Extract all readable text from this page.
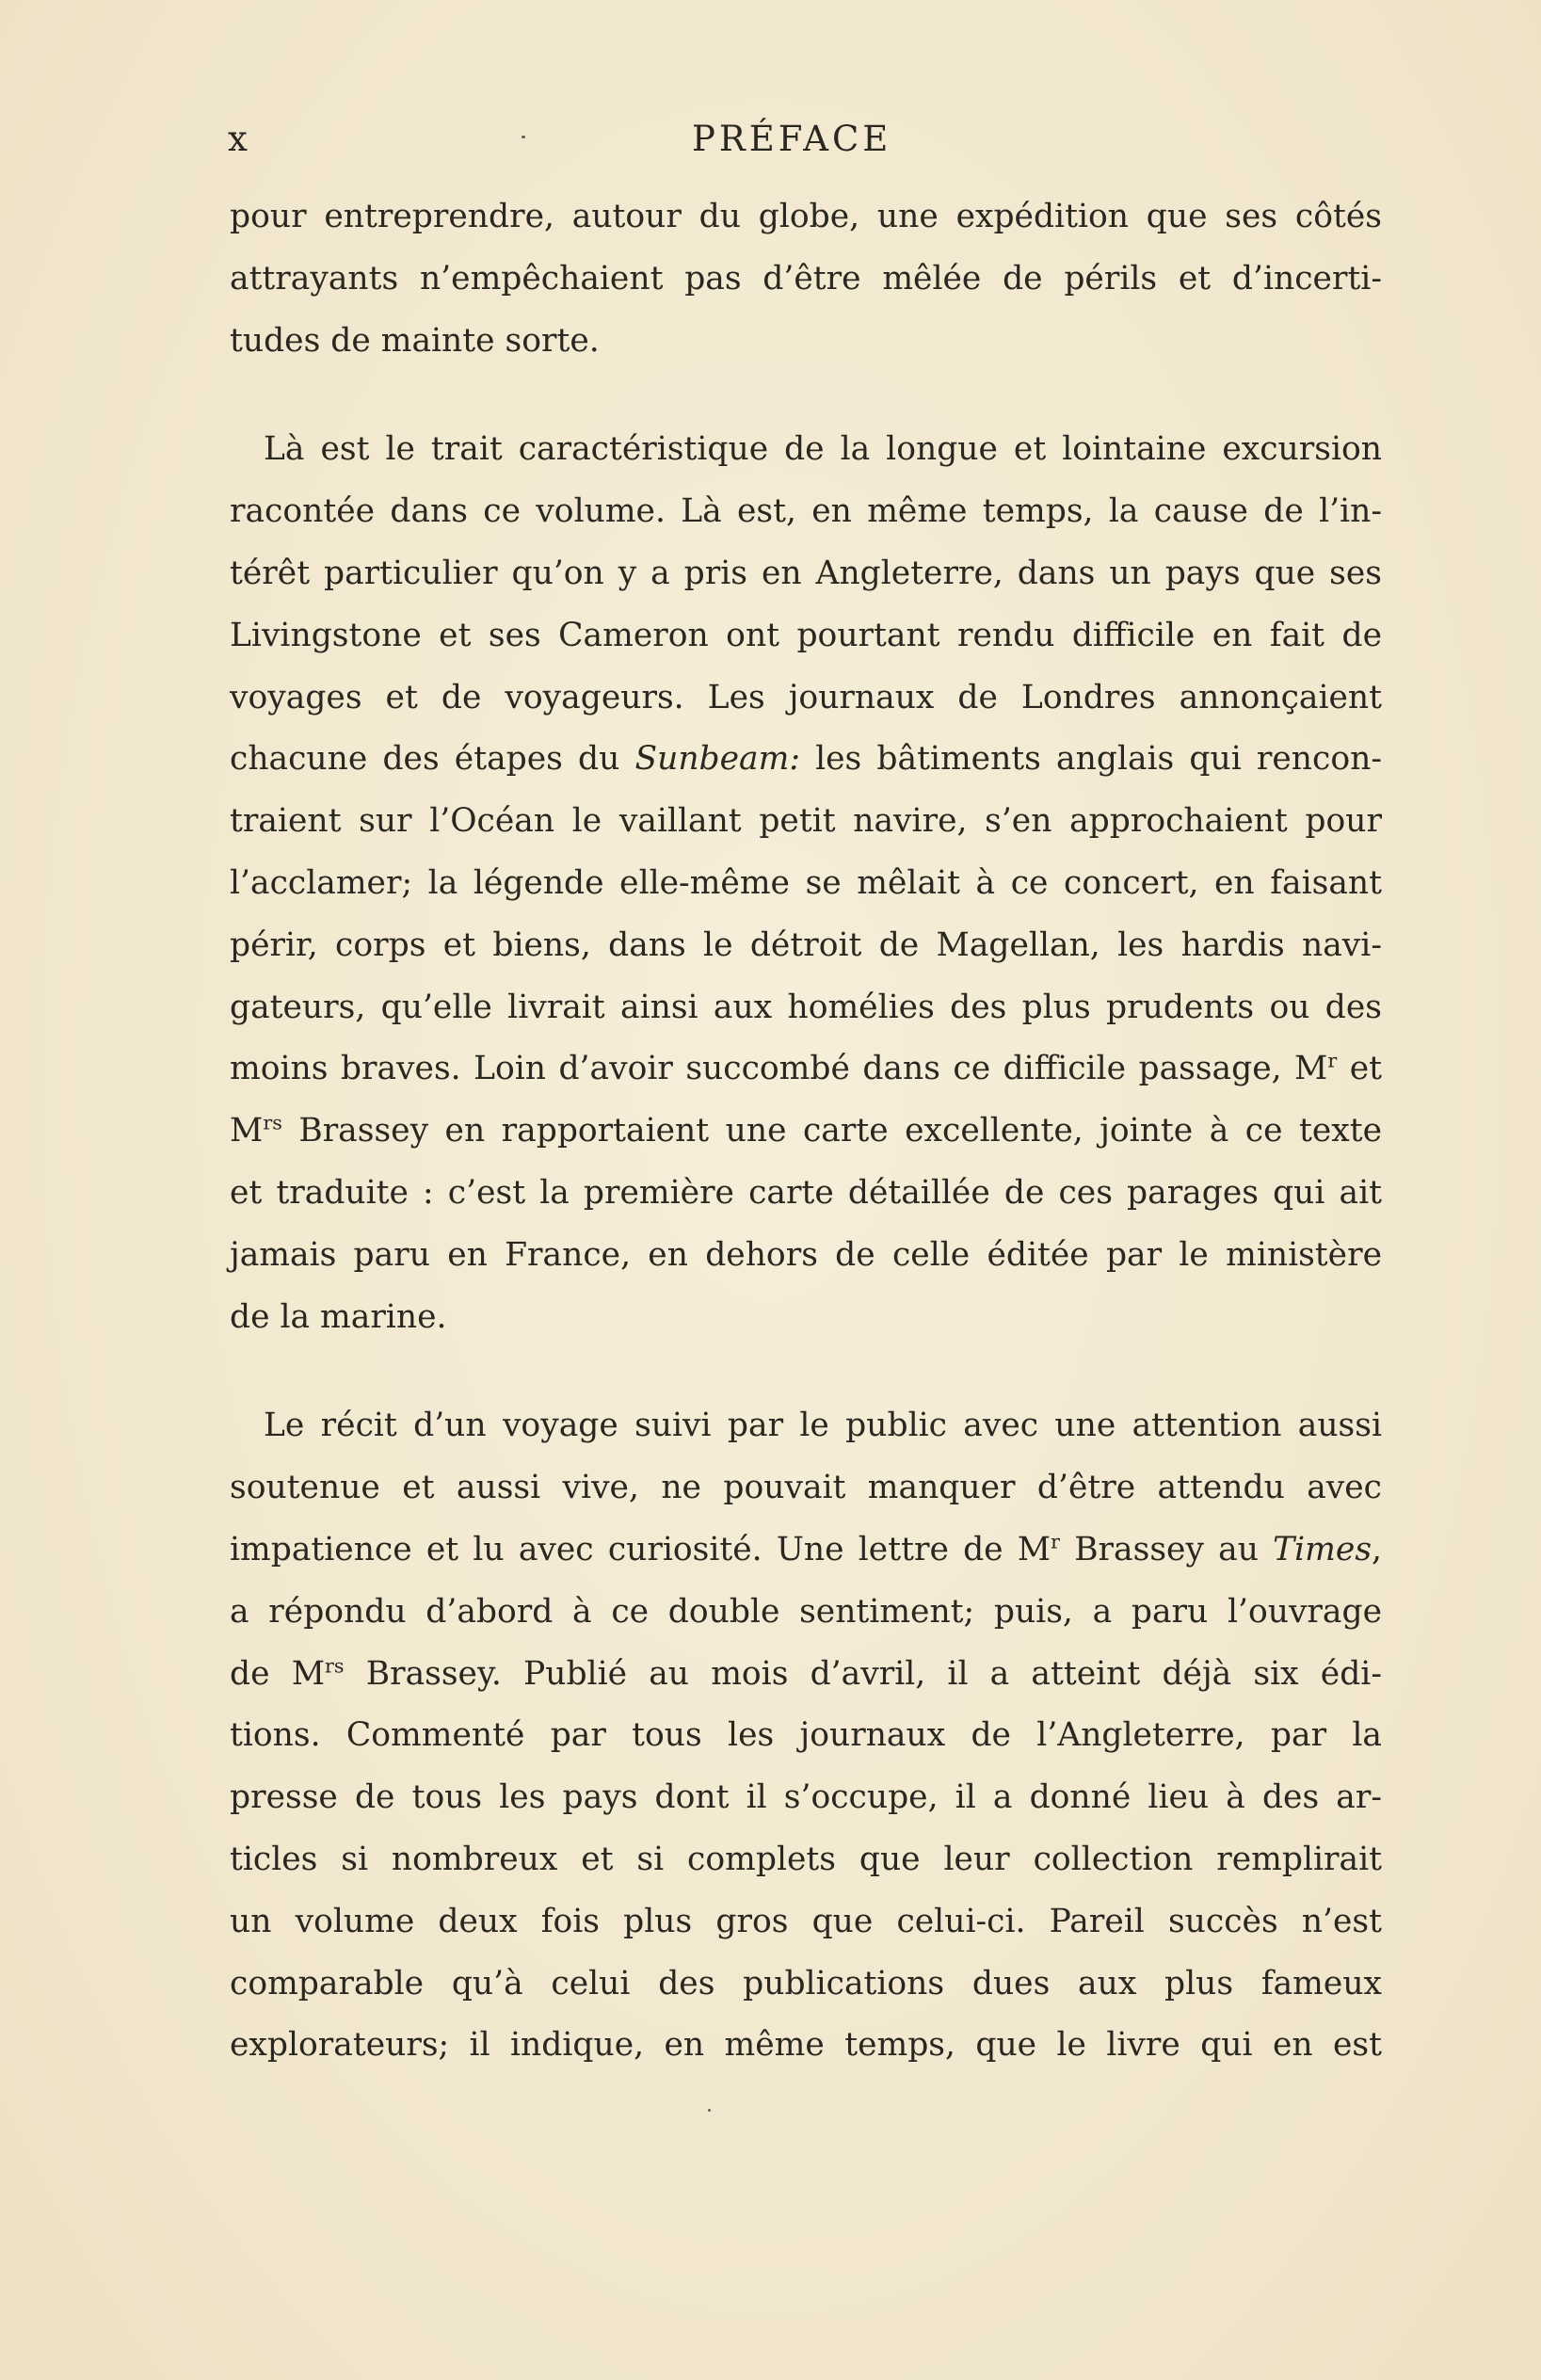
x	PRÉFACE
pour entreprendre, autour du globe, une expédition que ses côtés
attrayants n’empêchaient pas d’être mêlée de périls et d’incerti-
tudes de mainte sorte.
Là est le trait caractéristique de la longue et lointaine excursion
racontée dans ce volume. Là est, en même temps, la cause de l’in-
térêt particulier qu’on y a pris en Angleterre, dans un pays que ses
Livingstone et ses Cameron ont pourtant rendu difficile en fait de
voyages et de voyageurs. Les journaux de Londres annonçaient
chacune des étapes du Sunbeam: les bâtiments anglais qui rencon-
traient sur l’Océan le vaillant petit navire, s’en approchaient pour
l’acclamer; la légende elle-même se mêlait à ce concert, en faisant
périr, corps et biens, dans le détroit de Magellan, les hardis navi-
gateurs, qu’elle livrait ainsi aux homélies des plus prudents ou des
moins braves. Loin d’avoir succombé dans ce difficile passage, $M^r$ et
$M^{rs}$ Brassey en rapportaient une carte excellente, jointe à ce texte
et traduite : c’est la première carte détaillée de ces parages qui ait
jamais paru en France, en dehors de celle éditée par le ministère
de la marine.
Le récit d’un voyage suivi par le public avec une attention aussi
soutenue et aussi vive, ne pouvait manquer d’être attendu avec
impatience et lu avec curiosité. Une lettre de $M^r$ Brassey au Times,
a répondu d’abord à ce double sentiment; puis, a paru l’ouvrage
de $M^{rs}$ Brassey. Publié au mois d’avril, il a atteint déjà six édi-
tions. Commenté par tous les journaux de l’Angleterre, par la
presse de tous les pays dont il s’occupe, il a donné lieu à des ar-
ticles si nombreux et si complets que leur collection remplirait
un volume deux fois plus gros que celui-ci. Pareil succès n’est
comparable qu’à celui des publications dues aux plus fameux
explorateurs; il indique, en même temps, que le livre qui en est
